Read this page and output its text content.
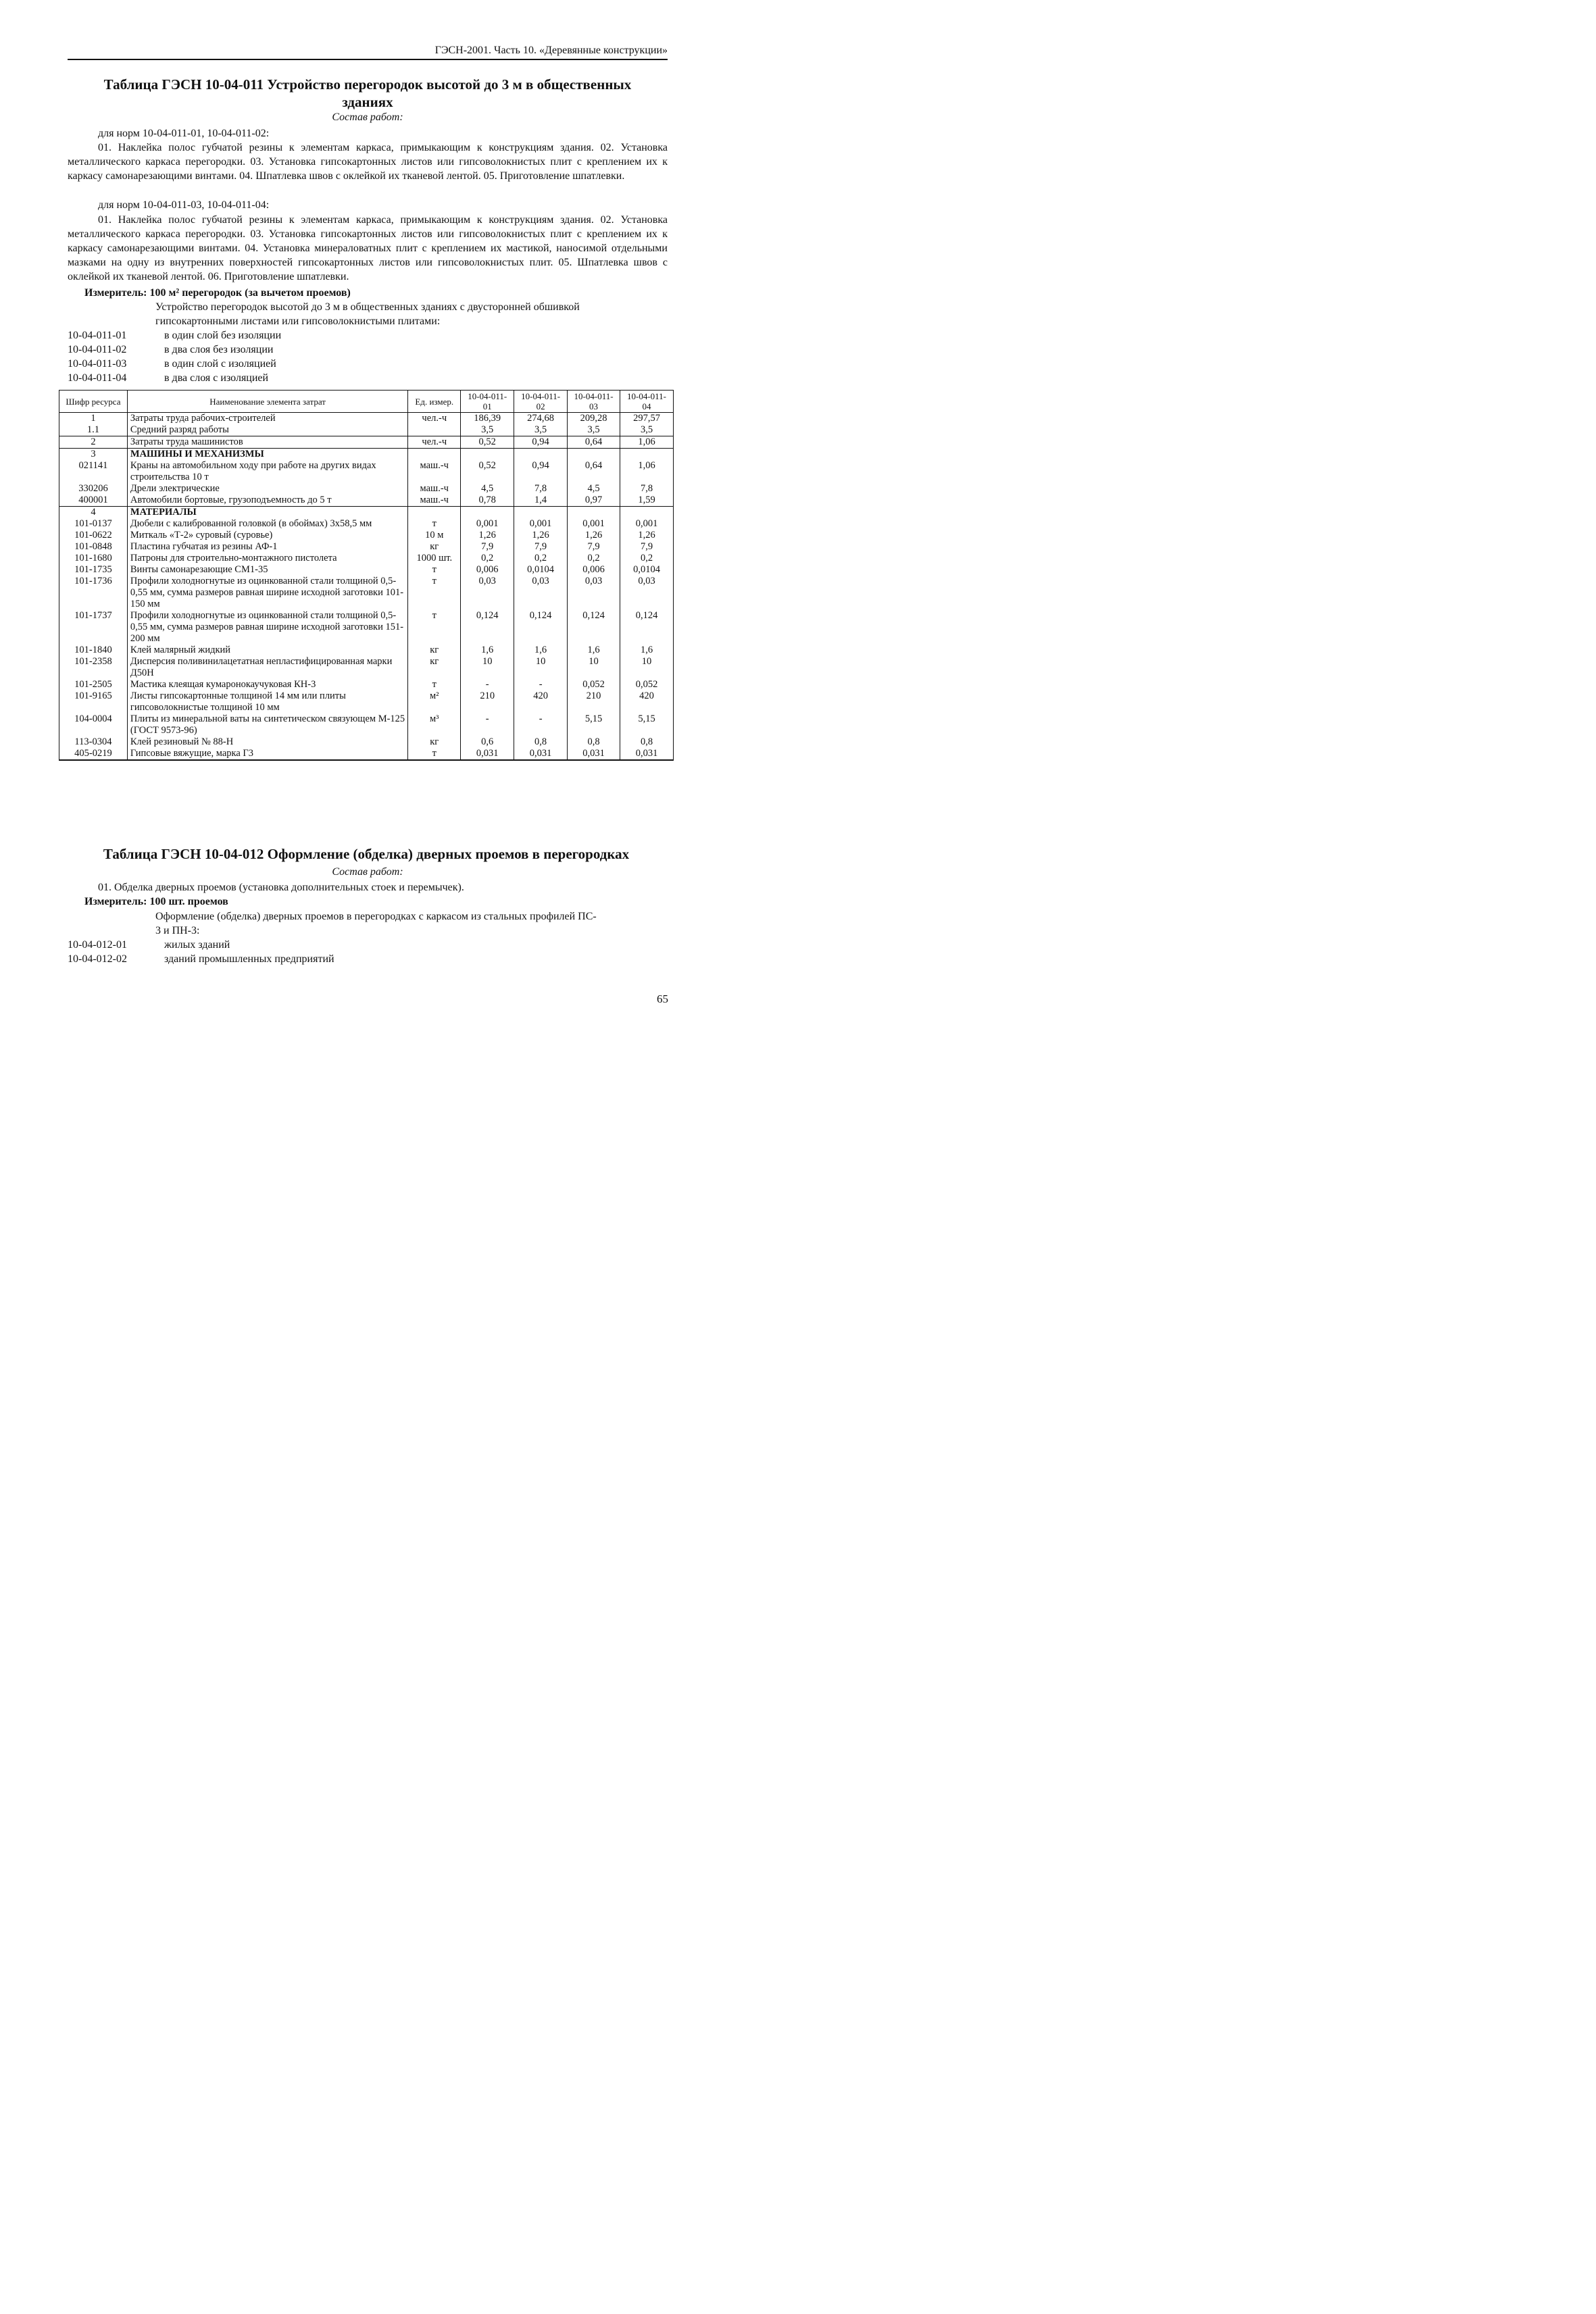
ГЭСН-2001. Часть 10. «Деревянные конструкции»
Таблица ГЭСН 10-04-011 Устройство перегородок высотой до 3 м в общественных
зданиях
Состав работ:
для норм 10-04-011-01, 10-04-011-02:
01. Наклейка полос губчатой резины к элементам каркаса, примыкающим к конструкциям здания. 02. Установка металлического каркаса перегородки. 03. Установка гипсокартонных листов или гипсоволокнистых плит с креплением их к каркасу самонарезающими винтами. 04. Шпатлевка швов с оклейкой их тканевой лентой. 05. Приготовление шпатлевки.
для норм 10-04-011-03, 10-04-011-04:
01. Наклейка полос губчатой резины к элементам каркаса, примыкающим к конструкциям здания. 02. Установка металлического каркаса перегородки. 03. Установка гипсокартонных листов или гипсоволокнистых плит с креплением их к каркасу самонарезающими винтами. 04. Установка минераловатных плит с креплением их мастикой, наносимой отдельными мазками на одну из внутренних поверхностей гипсокартонных листов или гипсоволокнистых плит. 05. Шпатлевка швов с оклейкой их тканевой лентой. 06. Приготовление шпатлевки.
Измеритель: 100 м² перегородок (за вычетом проемов)
Устройство перегородок высотой до 3 м в общественных зданиях с двусторонней обшивкой
гипсокартонными листами или гипсоволокнистыми плитами:
10-04-011-01	в один слой без изоляции
10-04-011-02	в два слоя без изоляции
10-04-011-03	в один слой с изоляцией
10-04-011-04	в два слоя с изоляцией
Шифр ресурса	Наименование элемента затрат	Ед. измер.	10-04-011-01	10-04-011-02	10-04-011-03	10-04-011-04
1	Затраты труда рабочих-строителей	чел.-ч	186,39	274,68	209,28	297,57
1.1	Средний разряд работы		3,5	3,5	3,5	3,5
2	Затраты труда машинистов	чел.-ч	0,52	0,94	0,64	1,06
3	МАШИНЫ И МЕХАНИЗМЫ					
021141	Краны на автомобильном ходу при работе на других видах строительства 10 т	маш.-ч	0,52	0,94	0,64	1,06
330206	Дрели электрические	маш.-ч	4,5	7,8	4,5	7,8
400001	Автомобили бортовые, грузоподъемность до 5 т	маш.-ч	0,78	1,4	0,97	1,59
4	МАТЕРИАЛЫ					
101-0137	Дюбели с калиброванной головкой (в обоймах) 3x58,5 мм	т	0,001	0,001	0,001	0,001
101-0622	Миткаль «Т-2» суровый (суровье)	10 м	1,26	1,26	1,26	1,26
101-0848	Пластина губчатая из резины АФ-1	кг	7,9	7,9	7,9	7,9
101-1680	Патроны для строительно-монтажного пистолета	1000 шт.	0,2	0,2	0,2	0,2
101-1735	Винты самонарезающие СМ1-35	т	0,006	0,0104	0,006	0,0104
101-1736	Профили холодногнутые из оцинкованной стали толщиной 0,5-0,55 мм, сумма размеров равная ширине исходной заготовки 101-150 мм	т	0,03	0,03	0,03	0,03
101-1737	Профили холодногнутые из оцинкованной стали толщиной 0,5-0,55 мм, сумма размеров равная ширине исходной заготовки 151-200 мм	т	0,124	0,124	0,124	0,124
101-1840	Клей малярный жидкий	кг	1,6	1,6	1,6	1,6
101-2358	Дисперсия поливинилацетатная непластифицированная марки Д50Н	кг	10	10	10	10
101-2505	Мастика клеящая кумаронокаучуковая КН-3	т	-	-	0,052	0,052
101-9165	Листы гипсокартонные толщиной 14 мм или плиты гипсоволокнистые толщиной 10 мм	м²	210	420	210	420
104-0004	Плиты из минеральной ваты на синтетическом связующем М-125 (ГОСТ 9573-96)	м³	-	-	5,15	5,15
113-0304	Клей резиновый № 88-Н	кг	0,6	0,8	0,8	0,8
405-0219	Гипсовые вяжущие, марка Г3	т	0,031	0,031	0,031	0,031
Таблица ГЭСН 10-04-012 Оформление (обделка) дверных проемов в перегородках
Состав работ:
01. Обделка дверных проемов (установка дополнительных стоек и перемычек).
Измеритель: 100 шт. проемов
Оформление (обделка) дверных проемов в перегородках с каркасом из стальных профилей ПС-
3 и ПН-3:
10-04-012-01	жилых зданий
10-04-012-02	зданий промышленных предприятий
65
